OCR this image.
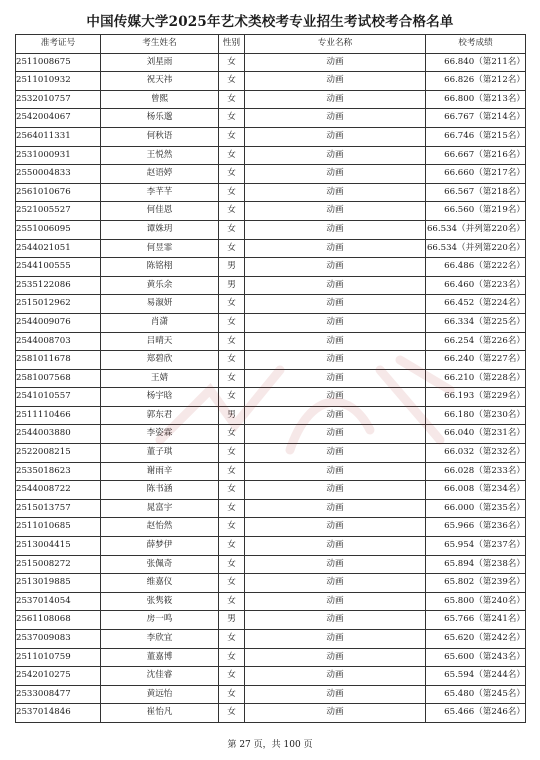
中国传媒大学2025年艺术类校考专业招生考试校考合格名单
准考证号	考生姓名	性别	专业名称	校考成绩
2511008675	刘星雨	女	动画	66.840（第211名）
2511010932	祝天祎	女	动画	66.826（第212名）
2532010757	曾熙	女	动画	66.800（第213名）
2542004067	杨乐邈	女	动画	66.767（第214名）
2564011331	何秋语	女	动画	66.746（第215名）
2531000931	王悦然	女	动画	66.667（第216名）
2550004833	赵语婷	女	动画	66.660（第217名）
2561010676	李芊芊	女	动画	66.567（第218名）
2521005527	何佳恩	女	动画	66.560（第219名）
2551006095	谭姝玥	女	动画	66.534（并列第220名）
2544021051	何昱霏	女	动画	66.534（并列第220名）
2544100555	陈铭栩	男	动画	66.486（第222名）
2535122086	黄乐余	男	动画	66.460（第223名）
2515012962	易溆妍	女	动画	66.452（第224名）
2544009076	肖潇	女	动画	66.334（第225名）
2544008703	吕晴天	女	动画	66.254（第226名）
2581011678	郑碧欣	女	动画	66.240（第227名）
2581007568	王婧	女	动画	66.210（第228名）
2541010557	杨宇晗	女	动画	66.193（第229名）
2511110466	郭东君	男	动画	66.180（第230名）
2544003880	李姿霖	女	动画	66.040（第231名）
2522008215	董子琪	女	动画	66.032（第232名）
2535018623	谢雨辛	女	动画	66.028（第233名）
2544008722	陈书涵	女	动画	66.008（第234名）
2515013757	晁富宇	女	动画	66.000（第235名）
2511010685	赵怡然	女	动画	65.966（第236名）
2513004415	薛梦伊	女	动画	65.954（第237名）
2515008272	张佩奇	女	动画	65.894（第238名）
2513019885	维嘉仪	女	动画	65.802（第239名）
2537014054	张隽筱	女	动画	65.800（第240名）
2561108068	房一鸣	男	动画	65.766（第241名）
2537009083	李欣宜	女	动画	65.620（第242名）
2511010759	董嘉博	女	动画	65.600（第243名）
2542010275	沈佳睿	女	动画	65.594（第244名）
2533008477	黄远怡	女	动画	65.480（第245名）
2537014846	崔怡凡	女	动画	65.466（第246名）
第 27 页，共 100 页
